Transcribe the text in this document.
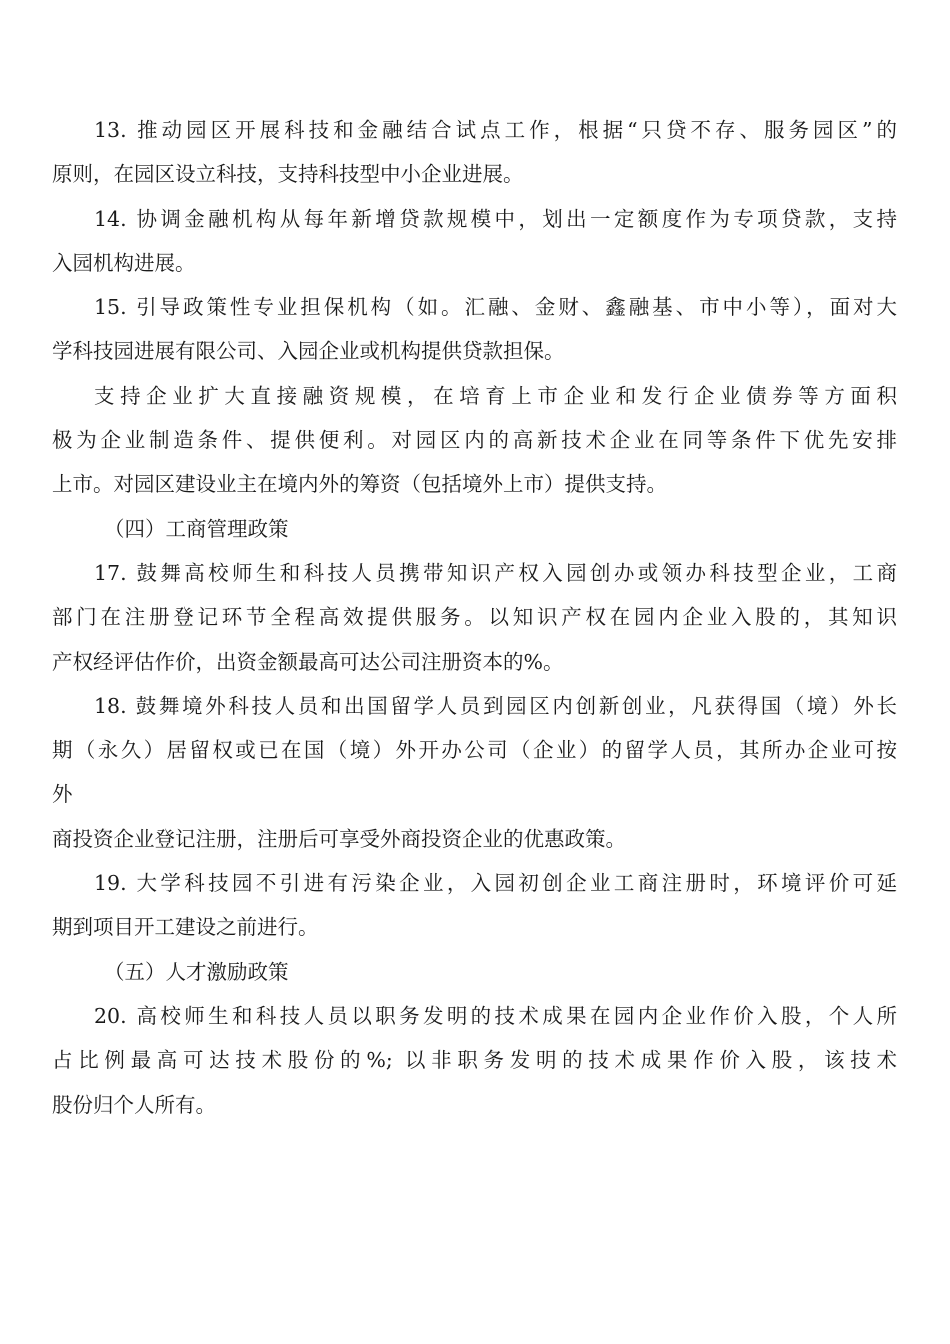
13. 推动园区开展科技和金融结合试点工作，根据“只贷不存、服务园区”的
原则，在园区设立科技，支持科技型中小企业进展。
14. 协调金融机构从每年新增贷款规模中，划出一定额度作为专项贷款，支持
入园机构进展。
15. 引导政策性专业担保机构（如。汇融、金财、鑫融基、市中小等），面对大
学科技园进展有限公司、入园企业或机构提供贷款担保。
支持企业扩大直接融资规模，在培育上市企业和发行企业债券等方面积
极为企业制造条件、提供便利。对园区内的高新技术企业在同等条件下优先安排
上市。对园区建设业主在境内外的筹资（包括境外上市）提供支持。
（四）工商管理政策
17. 鼓舞高校师生和科技人员携带知识产权入园创办或领办科技型企业，工商
部门在注册登记环节全程高效提供服务。以知识产权在园内企业入股的，其知识
产权经评估作价，出资金额最高可达公司注册资本的%。
18. 鼓舞境外科技人员和出国留学人员到园区内创新创业，凡获得国（境）外长
期（永久）居留权或已在国（境）外开办公司（企业）的留学人员，其所办企业可按
外
商投资企业登记注册，注册后可享受外商投资企业的优惠政策。
19. 大学科技园不引进有污染企业，入园初创企业工商注册时，环境评价可延
期到项目开工建设之前进行。
（五）人才激励政策
20. 高校师生和科技人员以职务发明的技术成果在园内企业作价入股，个人所
占比例最高可达技术股份的%; 以非职务发明的技术成果作价入股，该技术
股份归个人所有。
